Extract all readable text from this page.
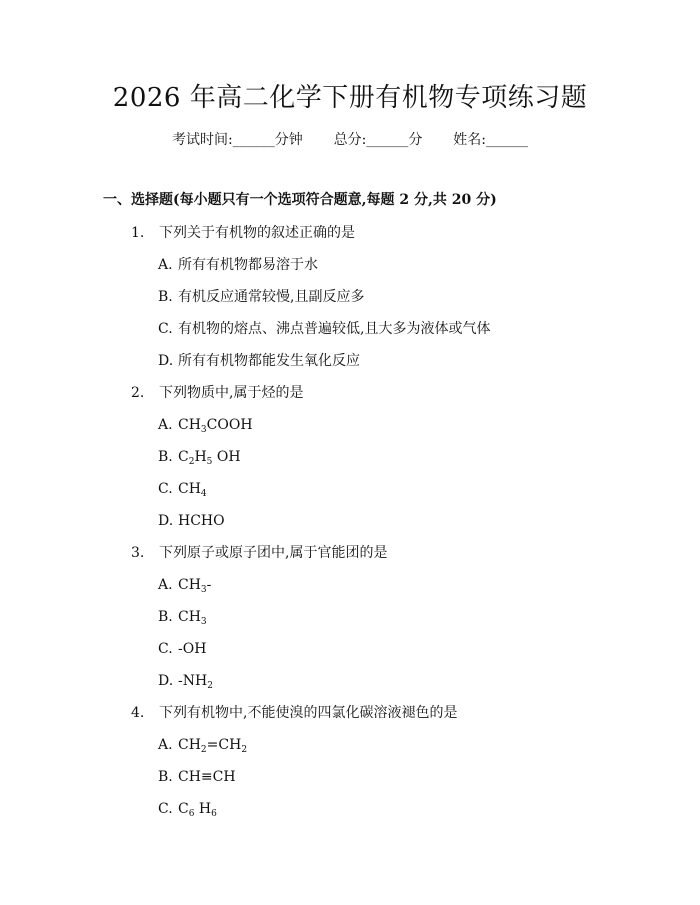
2026 年高二化学下册有机物专项练习题
考试时间:______分钟 总分:______分 姓名:______
一、选择题(每小题只有一个选项符合题意,每题 2 分,共 20 分)
1. 下列关于有机物的叙述正确的是
A. 所有有机物都易溶于水
B. 有机反应通常较慢,且副反应多
C. 有机物的熔点、沸点普遍较低,且大多为液体或气体
D. 所有有机物都能发生氧化反应
2. 下列物质中,属于烃的是
A. $CH_3COOH$
B. $C_2H_5$ OH
C. $CH_4$
D. HCHO
3. 下列原子或原子团中,属于官能团的是
A. $CH_3-$
B. $CH_3$
C. -OH
D. $-NH_2$
4. 下列有机物中,不能使溴的四氯化碳溶液褪色的是
A. $CH_2=CH_2$
B. CH≡CH
C. $C_6$ $H_6$
